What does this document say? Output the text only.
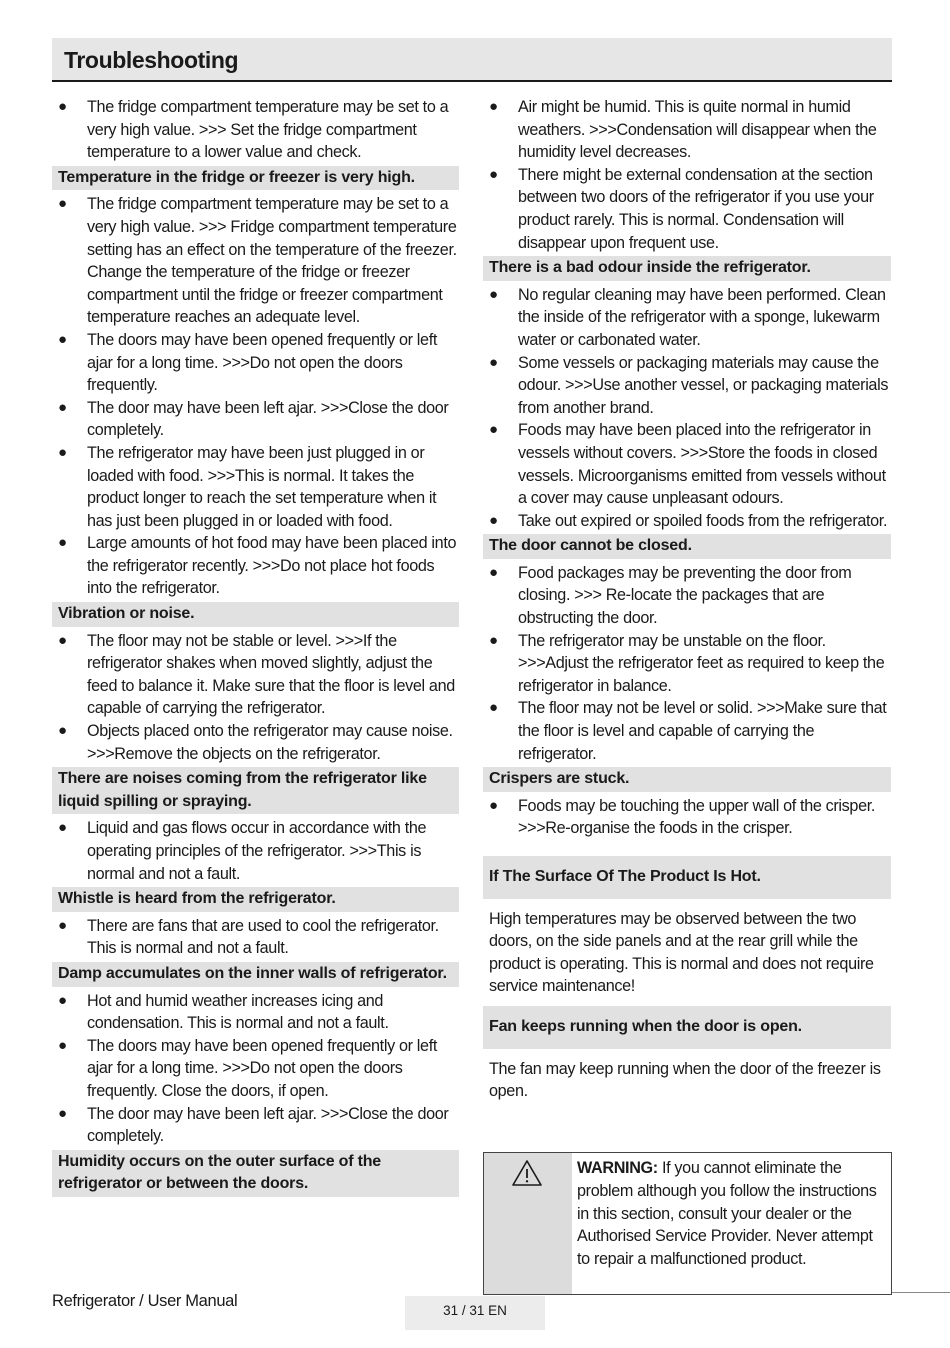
Troubleshooting
● The fridge compartment temperature may be set to a very high value. >>> Set the fridge compartment temperature to a lower value and check.
Temperature in the fridge or freezer is very high.
● The fridge compartment temperature may be set to a very high value. >>> Fridge compartment temperature setting has an effect on the temperature of the freezer. Change the temperature of the fridge or freezer compartment until the fridge or freezer compartment temperature reaches an adequate level.
● The doors may have been opened frequently or left ajar for a long time. >>>Do not open the doors frequently.
● The door may have been left ajar. >>>Close the door completely.
● The refrigerator may have been just plugged in or loaded with food. >>>This is normal. It takes the product longer to reach the set temperature when it has just been plugged in or loaded with food.
● Large amounts of hot food may have been placed into the refrigerator recently. >>>Do not place hot foods into the refrigerator.
Vibration or noise.
● The floor may not be stable or level. >>>If the refrigerator shakes when moved slightly, adjust the feed to balance it. Make sure that the floor is level and capable of carrying the refrigerator.
● Objects placed onto the refrigerator may cause noise. >>>Remove the objects on the refrigerator.
There are noises coming from the refrigerator like liquid spilling or spraying.
● Liquid and gas flows occur in accordance with the operating principles of the refrigerator. >>>This is normal and not a fault.
Whistle is heard from the refrigerator.
● There are fans that are used to cool the refrigerator. This is normal and not a fault.
Damp accumulates on the inner walls of refrigerator.
● Hot and humid weather increases icing and condensation. This is normal and not a fault.
● The doors may have been opened frequently or left ajar for a long time. >>>Do not open the doors frequently. Close the doors, if open.
● The door may have been left ajar. >>>Close the door completely.
Humidity occurs on the outer surface of the refrigerator or between the doors.
● Air might be humid. This is quite normal in humid weathers. >>>Condensation will disappear when the humidity level decreases.
● There might be external condensation at the section between two doors of the refrigerator if you use your product rarely. This is normal. Condensation will disappear upon frequent use.
There is a bad odour inside the refrigerator.
● No regular cleaning may have been performed. Clean the inside of the refrigerator with a sponge, lukewarm water or carbonated water.
● Some vessels or packaging materials may cause the odour. >>>Use another vessel, or packaging materials from another brand.
● Foods may have been placed into the refrigerator in vessels without covers. >>>Store the foods in closed vessels. Microorganisms emitted from vessels without a cover may cause unpleasant odours.
● Take out expired or spoiled foods from the refrigerator.
The door cannot be closed.
● Food packages may be preventing the door from closing. >>> Re-locate the packages that are obstructing the door.
● The refrigerator may be unstable on the floor. >>>Adjust the refrigerator feet as required to keep the refrigerator in balance.
● The floor may not be level or solid. >>>Make sure that the floor is level and capable of carrying the refrigerator.
Crispers are stuck.
● Foods may be touching the upper wall of the crisper. >>>Re-organise the foods in the crisper.
If The Surface Of The Product Is Hot.

High temperatures may be observed between the two doors, on the side panels and at the rear grill while the product is operating. This is normal and does not require service maintenance!

Fan keeps running when the door is open.

The fan may keep running when the door of the freezer is open.

WARNING: If you cannot eliminate the problem although you follow the instructions in this section, consult your dealer or the Authorised Service Provider. Never attempt to repair a malfunctioned product.
Refrigerator / User Manual
31 / 31 EN
